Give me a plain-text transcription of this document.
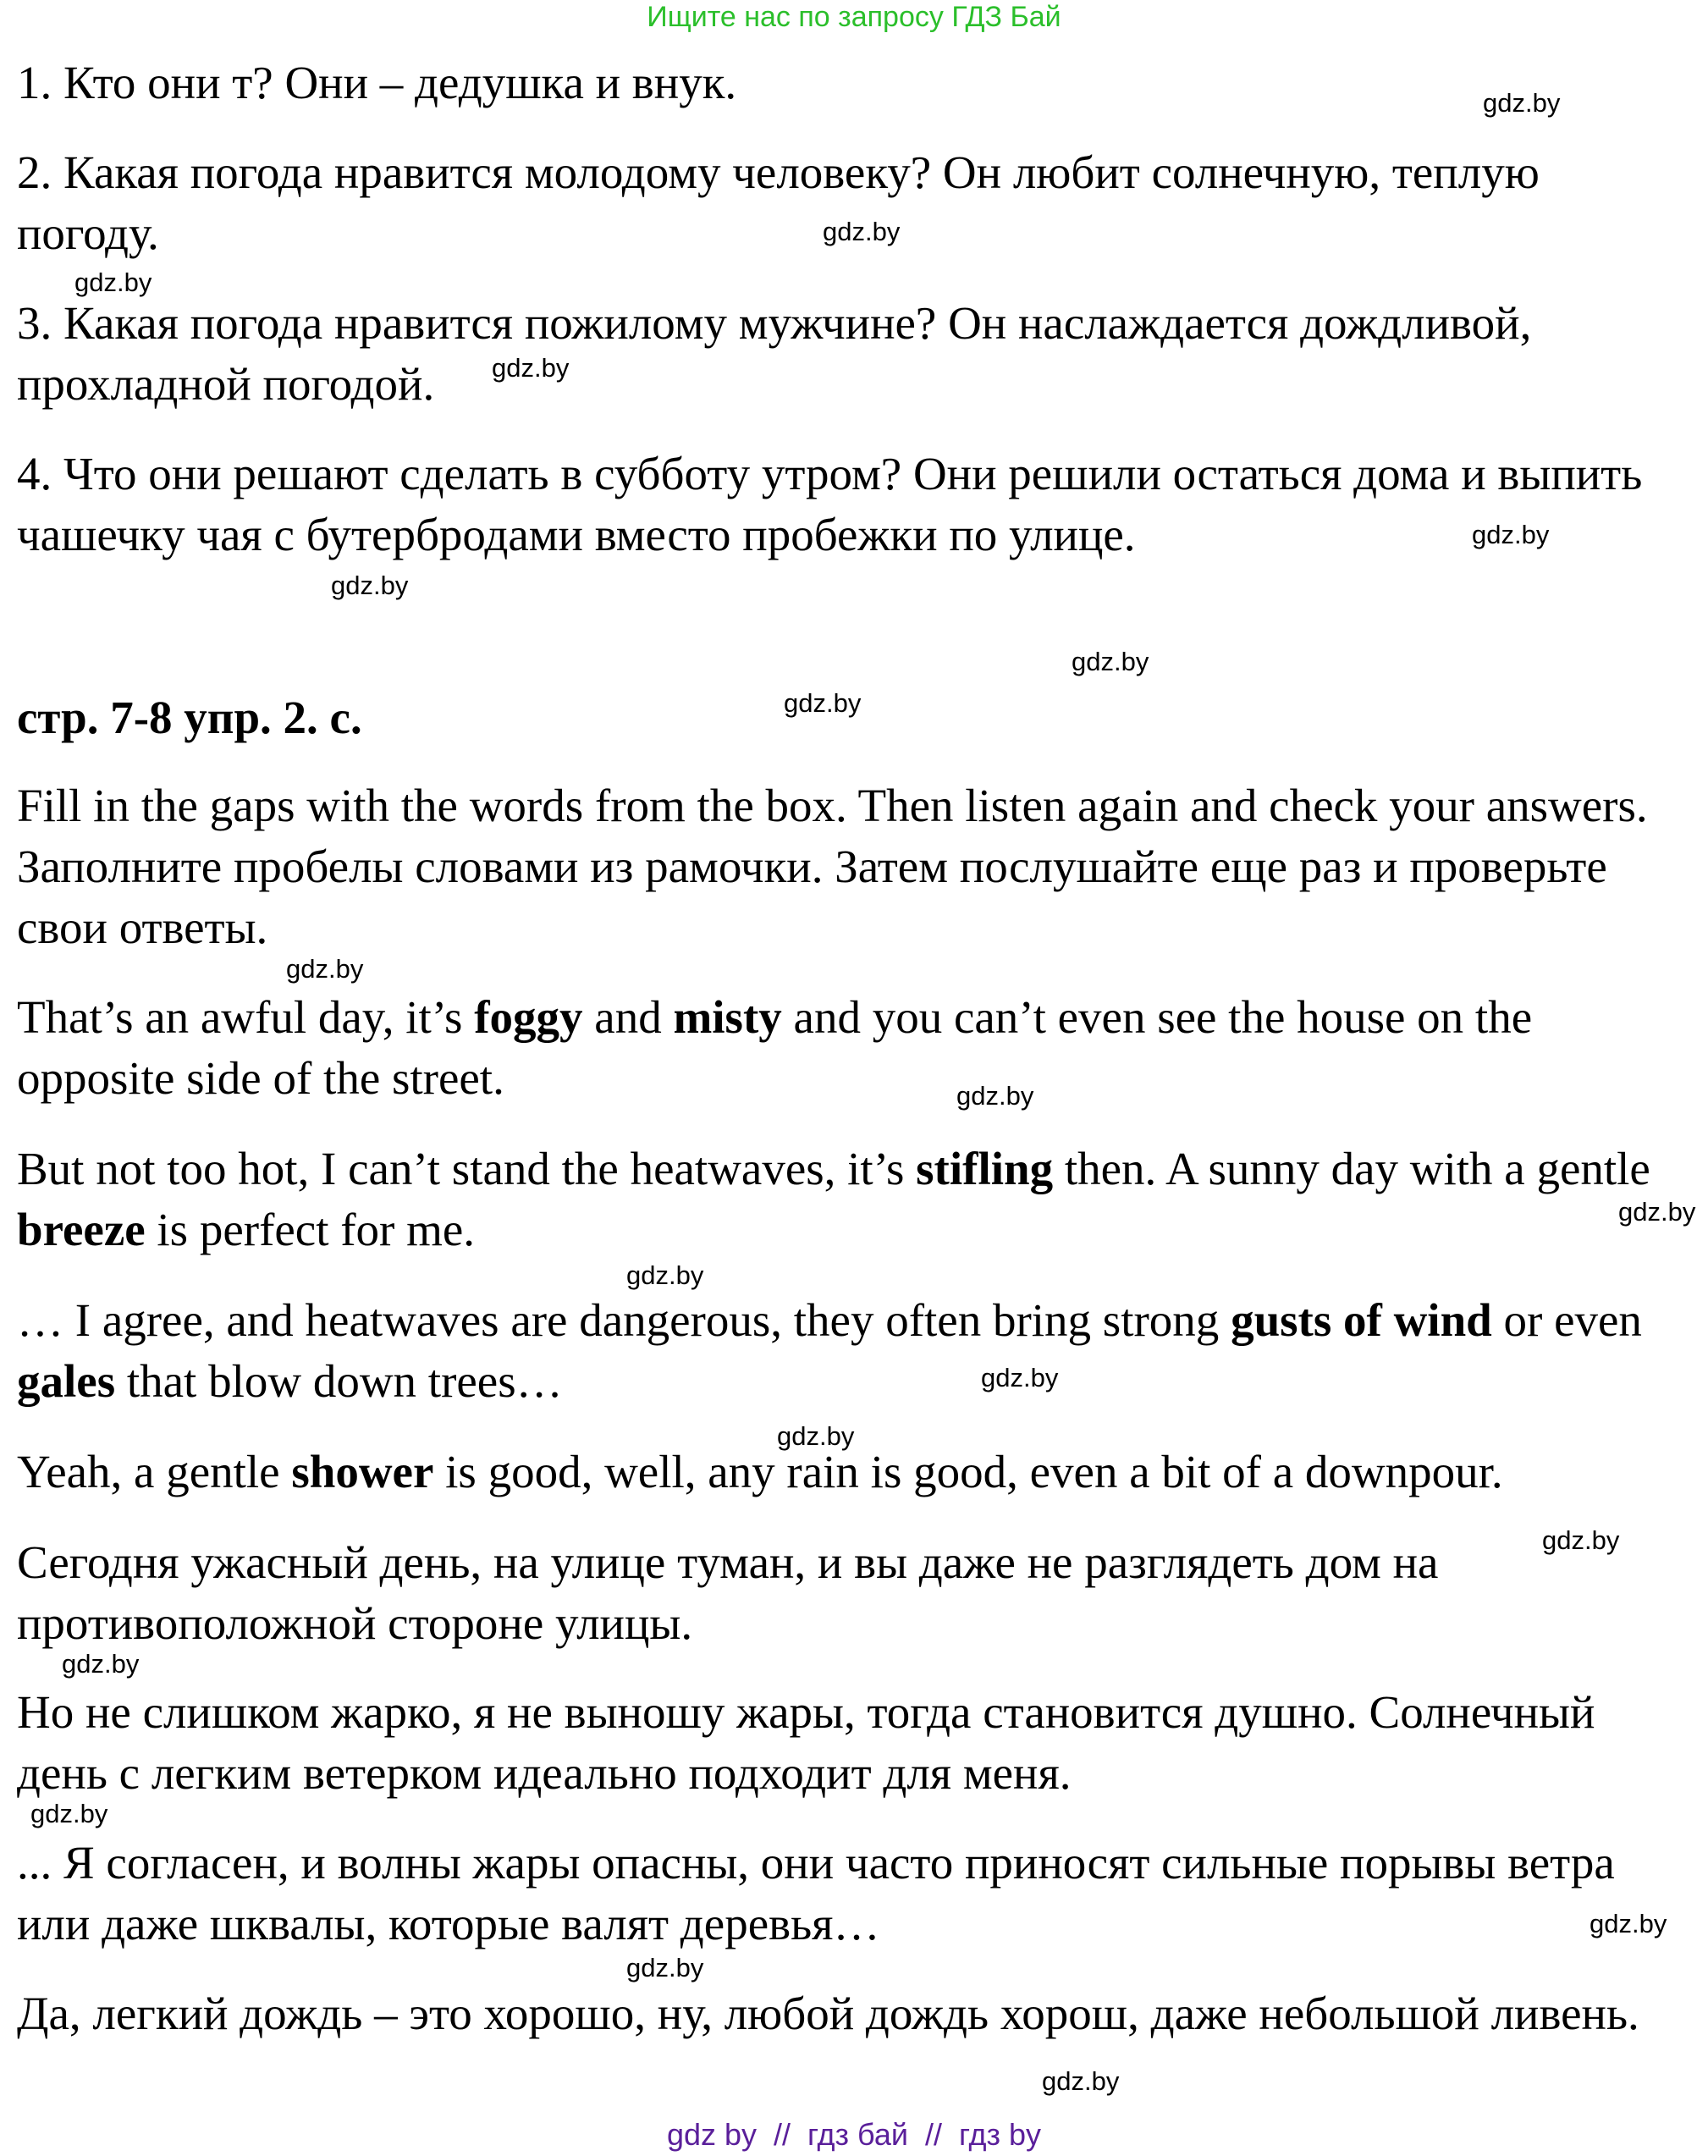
Ищите нас по запросу ГДЗ Бай

1. Кто они т? Они – дедушка и внук.

2. Какая погода нравится молодому человеку? Он любит солнечную, теплую погоду.

3. Какая погода нравится пожилому мужчине? Он наслаждается дождливой, прохладной погодой.

4. Что они решают сделать в субботу утром? Они решили остаться дома и выпить чашечку чая с бутербродами вместо пробежки по улице.

стр. 7-8 упр. 2. с.

Fill in the gaps with the words from the box. Then listen again and check your answers. Заполните пробелы словами из рамочки. Затем послушайте еще раз и проверьте свои ответы.

That’s an awful day, it’s foggy and misty and you can’t even see the house on the opposite side of the street.

But not too hot, I can’t stand the heatwaves, it’s stifling then. A sunny day with a gentle breeze is perfect for me.

… I agree, and heatwaves are dangerous, they often bring strong gusts of wind or even gales that blow down trees…

Yeah, a gentle shower is good, well, any rain is good, even a bit of a downpour.

Сегодня ужасный день, на улице туман, и вы даже не разглядеть дом на противоположной стороне улицы.

Но не слишком жарко, я не выношу жары, тогда становится душно. Солнечный день с легким ветерком идеально подходит для меня.

... Я согласен, и волны жары опасны, они часто приносят сильные порывы ветра или даже шквалы, которые валят деревья…

Да, легкий дождь – это хорошо, ну, любой дождь хорош, даже небольшой ливень.

gdz.by
gdz.by
gdz.by
gdz.by
gdz.by
gdz.by
gdz.by
gdz.by
gdz.by
gdz.by
gdz.by
gdz.by
gdz.by
gdz.by
gdz.by
gdz.by
gdz.by
gdz.by
gdz.by
gdz.by
gdz by  //  гдз бай  //  гдз by
